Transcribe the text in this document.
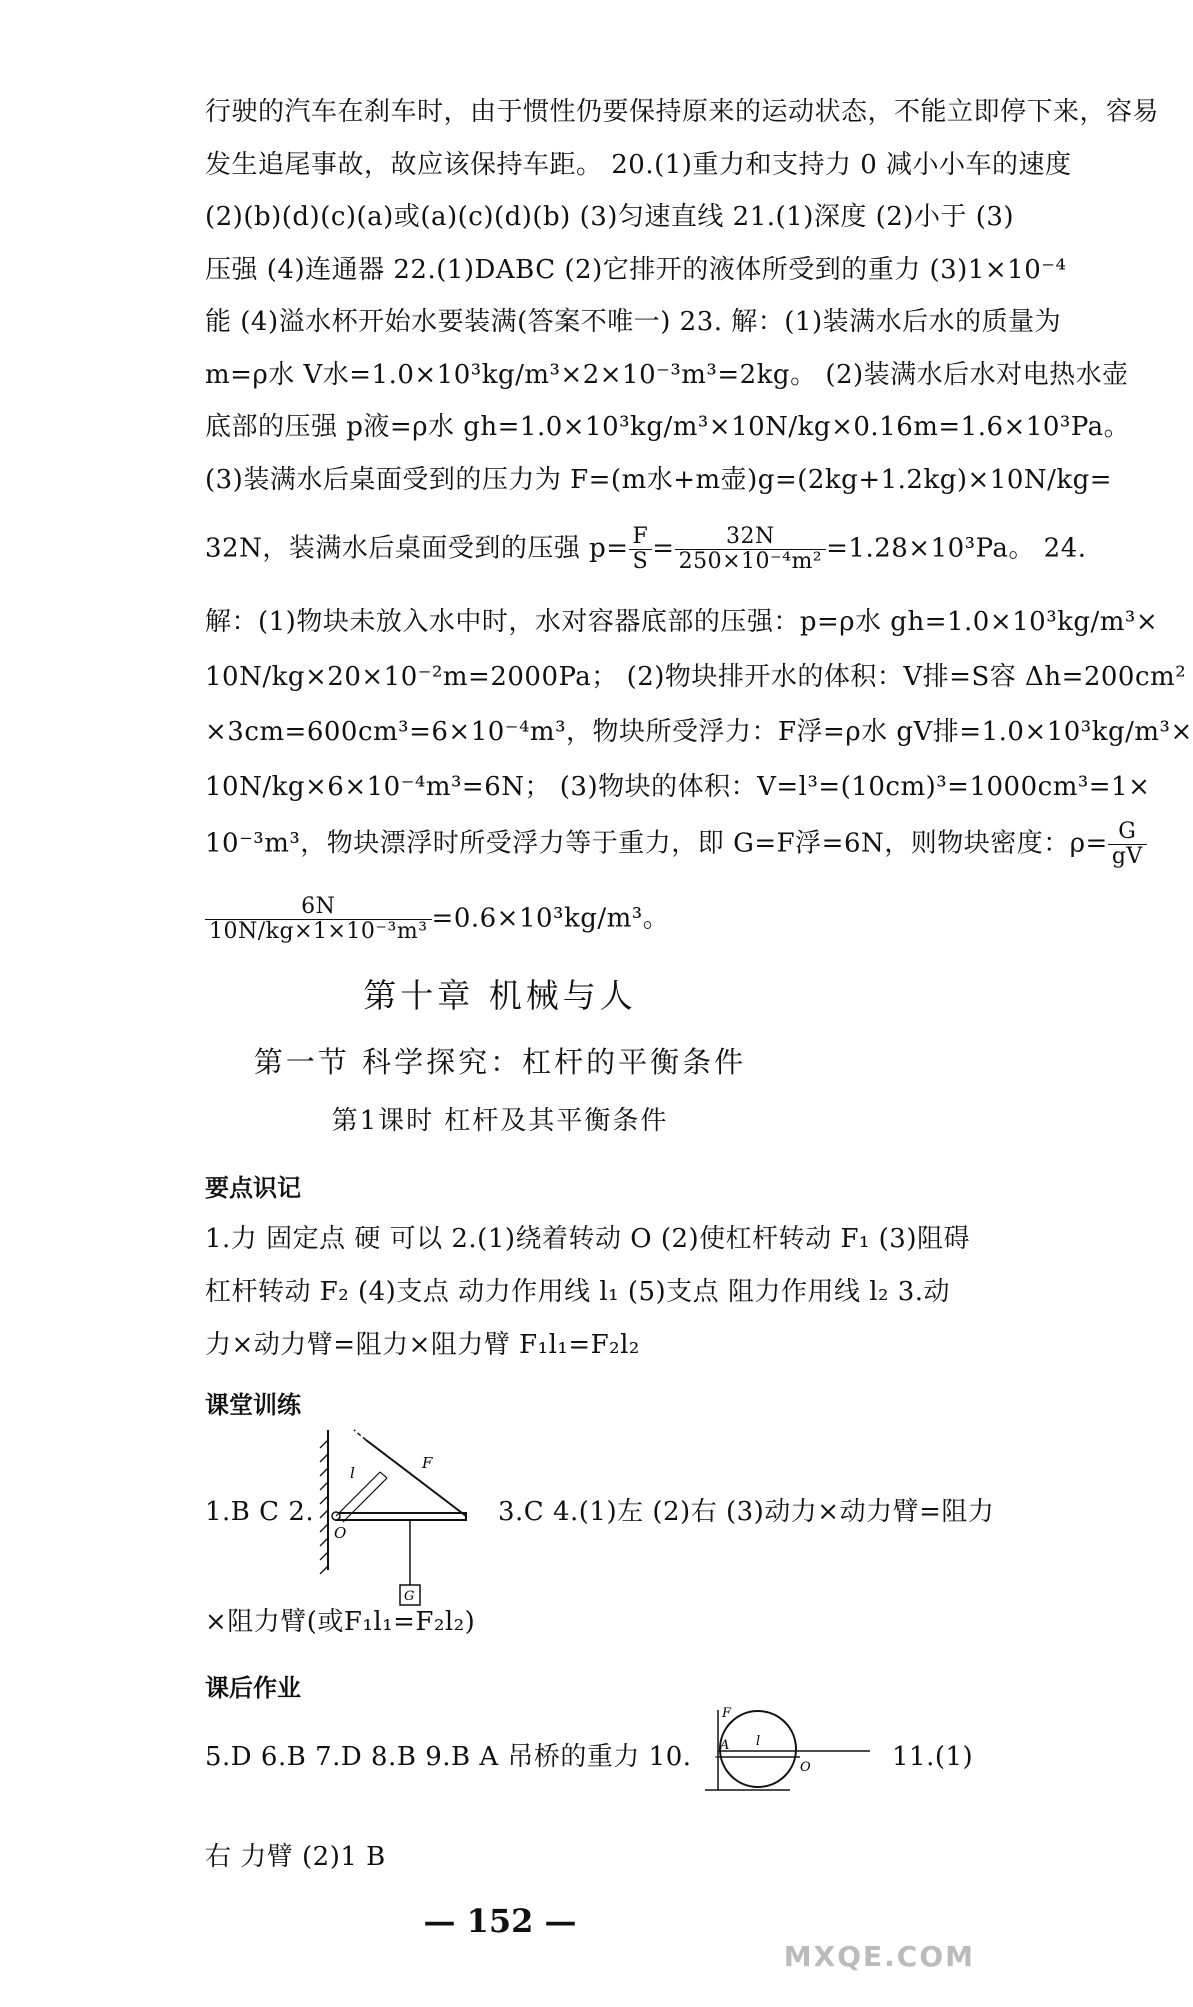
行驶的汽车在刹车时，由于惯性仍要保持原来的运动状态，不能立即停下来，容易
发生追尾事故，故应该保持车距。 20.(1)重力和支持力 0 减小小车的速度
(2)(b)(d)(c)(a)或(a)(c)(d)(b) (3)匀速直线 21.(1)深度 (2)小于 (3)
压强 (4)连通器 22.(1)DABC (2)它排开的液体所受到的重力 (3)1×10⁻⁴
能 (4)溢水杯开始水要装满(答案不唯一) 23. 解：(1)装满水后水的质量为
m=ρ水 V水=1.0×10³kg/m³×2×10⁻³m³=2kg。 (2)装满水后水对电热水壶
底部的压强 p液=ρ水 gh=1.0×10³kg/m³×10N/kg×0.16m=1.6×10³Pa。
(3)装满水后桌面受到的压力为 F=(m水+m壶)g=(2kg+1.2kg)×10N/kg=
32N，装满水后桌面受到的压强 $p= \frac{F}{S} = \frac{32N}{\text{250×10⁻⁴m²}} =1.28\times 10^3Pa$。 24.
解：(1)物块未放入水中时，水对容器底部的压强：p=ρ水 gh=1.0×10³kg/m³×
10N/kg×20×10⁻²m=2000Pa； (2)物块排开水的体积：V排=S容 Δh=200cm²
×3cm=600cm³=6×10⁻⁴m³，物块所受浮力：F浮=ρ水 gV排=1.0×10³kg/m³×
10N/kg×6×10⁻⁴m³=6N； (3)物块的体积：V=l³=(10cm)³=1000cm³=1×
10⁻³m³，物块漂浮时所受浮力等于重力，即 G=F浮=6N，则物块密度：$\rho= \frac{G}{gV}$
$\frac{6N}{\text{10N/kg×1×10⁻³m³}} =0.6\times 10^3kg/m^3$。
第十章 机械与人
第一节 科学探究：杠杆的平衡条件
第1课时 杠杆及其平衡条件
要点识记
1.力 固定点 硬 可以 2.(1)绕着转动 O (2)使杠杆转动 F₁ (3)阻碍
杠杆转动 F₂ (4)支点 动力作用线 l₁ (5)支点 阻力作用线 l₂ 3.动
力×动力臂=阻力×阻力臂 F₁l₁=F₂l₂
课堂训练
1.B C 2.
l
F
O
G
3.C 4.(1)左 (2)右 (3)动力×动力臂=阻力
×阻力臂(或F₁l₁=F₂l₂)
课后作业
5.D 6.B 7.D 8.B 9.B A 吊桥的重力 10.
F
A l
O	11.(1)
右 力臂 (2)1 B
— 152 —
MXQE.COM
